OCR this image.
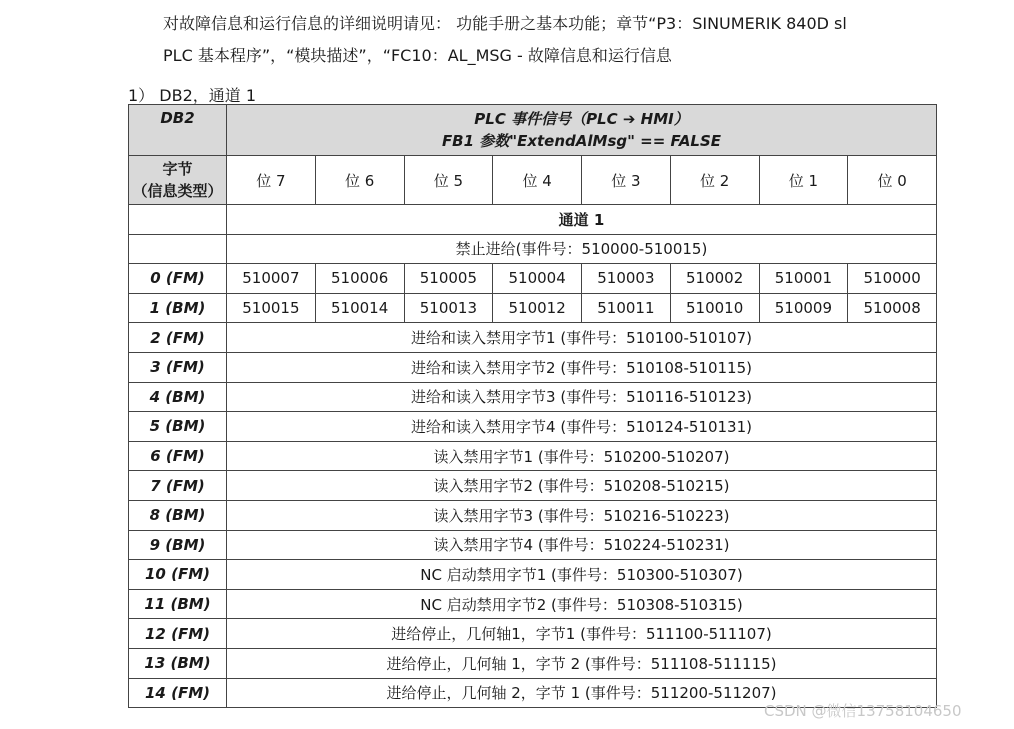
对故障信息和运行信息的详细说明请见： 功能手册之基本功能；章节“P3：SINUMERIK 840D sl

PLC 基本程序”，“模块描述”，“FC10：AL_MSG - 故障信息和运行信息

1） DB2，通道 1
DB2	PLC 事件信号（PLC ➔ HMI）
FB1 参数"ExtendAlMsg" == FALSE							

字节
（信息类型）	位 7	位 6	位 5	位 4	位 3	位 2	位 1	位 0
	通道 1							
	禁止进给(事件号：510000-510015)							
0 (FM)	510007	510006	510005	510004	510003	510002	510001	510000
1 (BM)	510015	510014	510013	510012	510011	510010	510009	510008
2 (FM)	进给和读入禁用字节1 (事件号：510100-510107)							
3 (FM)	进给和读入禁用字节2 (事件号：510108-510115)							
4 (BM)	进给和读入禁用字节3 (事件号：510116-510123)							
5 (BM)	进给和读入禁用字节4 (事件号：510124-510131)							
6 (FM)	读入禁用字节1 (事件号：510200-510207)							
7 (FM)	读入禁用字节2 (事件号：510208-510215)							
8 (BM)	读入禁用字节3 (事件号：510216-510223)							
9 (BM)	读入禁用字节4 (事件号：510224-510231)							
10 (FM)	NC 启动禁用字节1 (事件号：510300-510307)							
11 (BM)	NC 启动禁用字节2 (事件号：510308-510315)							
12 (FM)	进给停止，几何轴1，字节1 (事件号：511100-511107)							
13 (BM)	进给停止，几何轴 1，字节 2 (事件号：511108-511115)							
14 (FM)	进给停止，几何轴 2，字节 1 (事件号：511200-511207)							
CSDN @微信13758104650
